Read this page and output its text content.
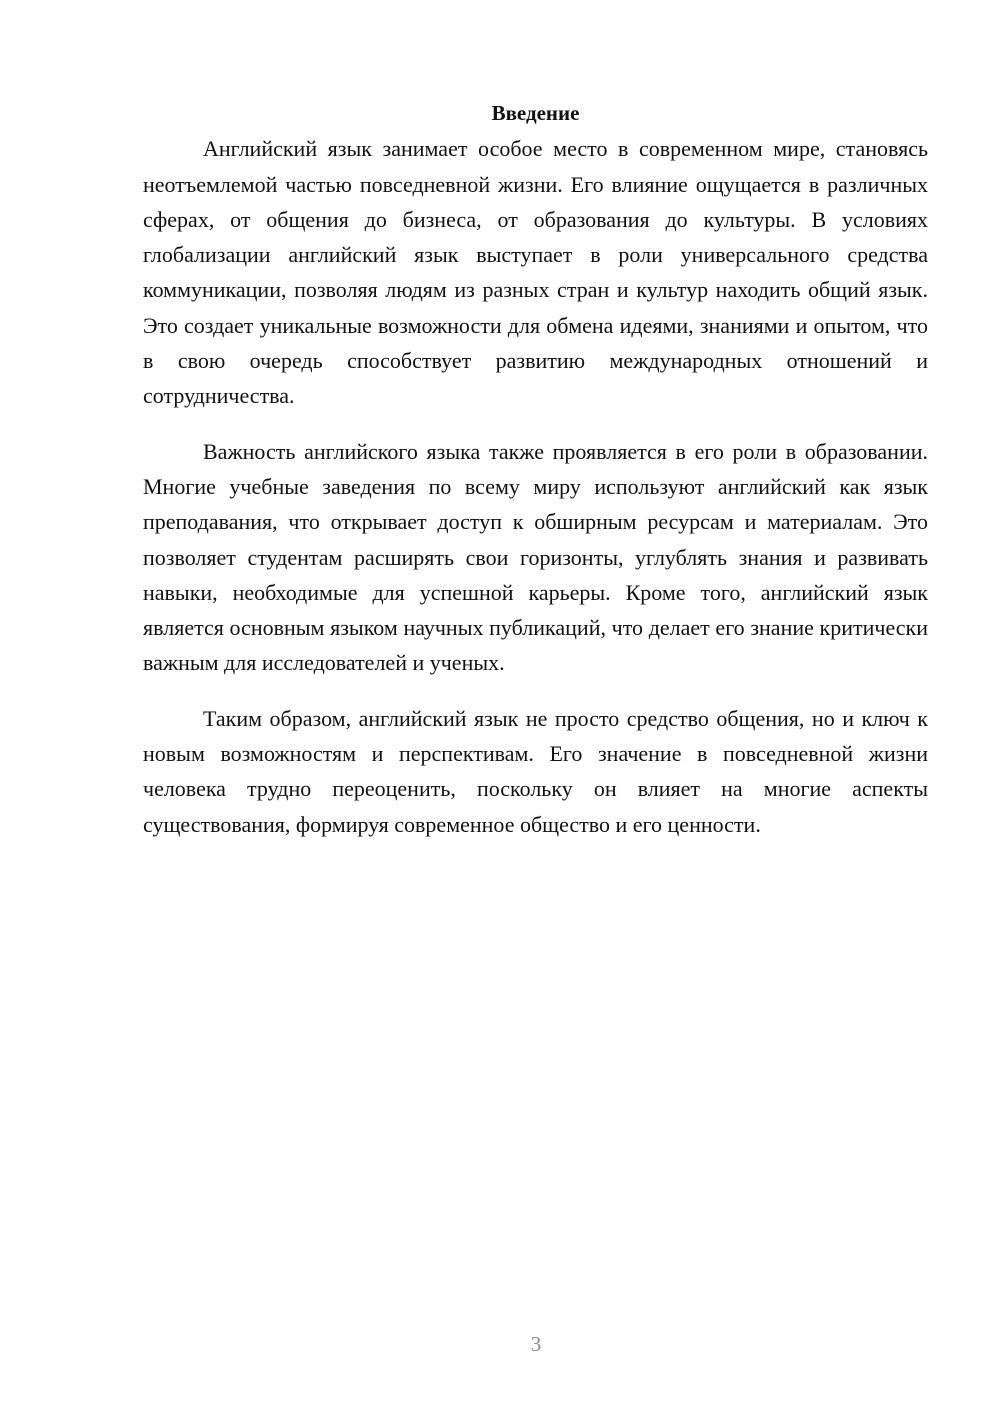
Введение

Английский язык занимает особое место в современном мире, становясь неотъемлемой частью повседневной жизни. Его влияние ощущается в различных сферах, от общения до бизнеса, от образования до культуры. В условиях глобализации английский язык выступает в роли универсального средства коммуникации, позволяя людям из разных стран и культур находить общий язык. Это создает уникальные возможности для обмена идеями, знаниями и опытом, что в свою очередь способствует развитию международных отношений и сотрудничества.

Важность английского языка также проявляется в его роли в образовании. Многие учебные заведения по всему миру используют английский как язык преподавания, что открывает доступ к обширным ресурсам и материалам. Это позволяет студентам расширять свои горизонты, углублять знания и развивать навыки, необходимые для успешной карьеры. Кроме того, английский язык является основным языком научных публикаций, что делает его знание критически важным для исследователей и ученых.

Таким образом, английский язык не просто средство общения, но и ключ к новым возможностям и перспективам. Его значение в повседневной жизни человека трудно переоценить, поскольку он влияет на многие аспекты существования, формируя современное общество и его ценности.

3
